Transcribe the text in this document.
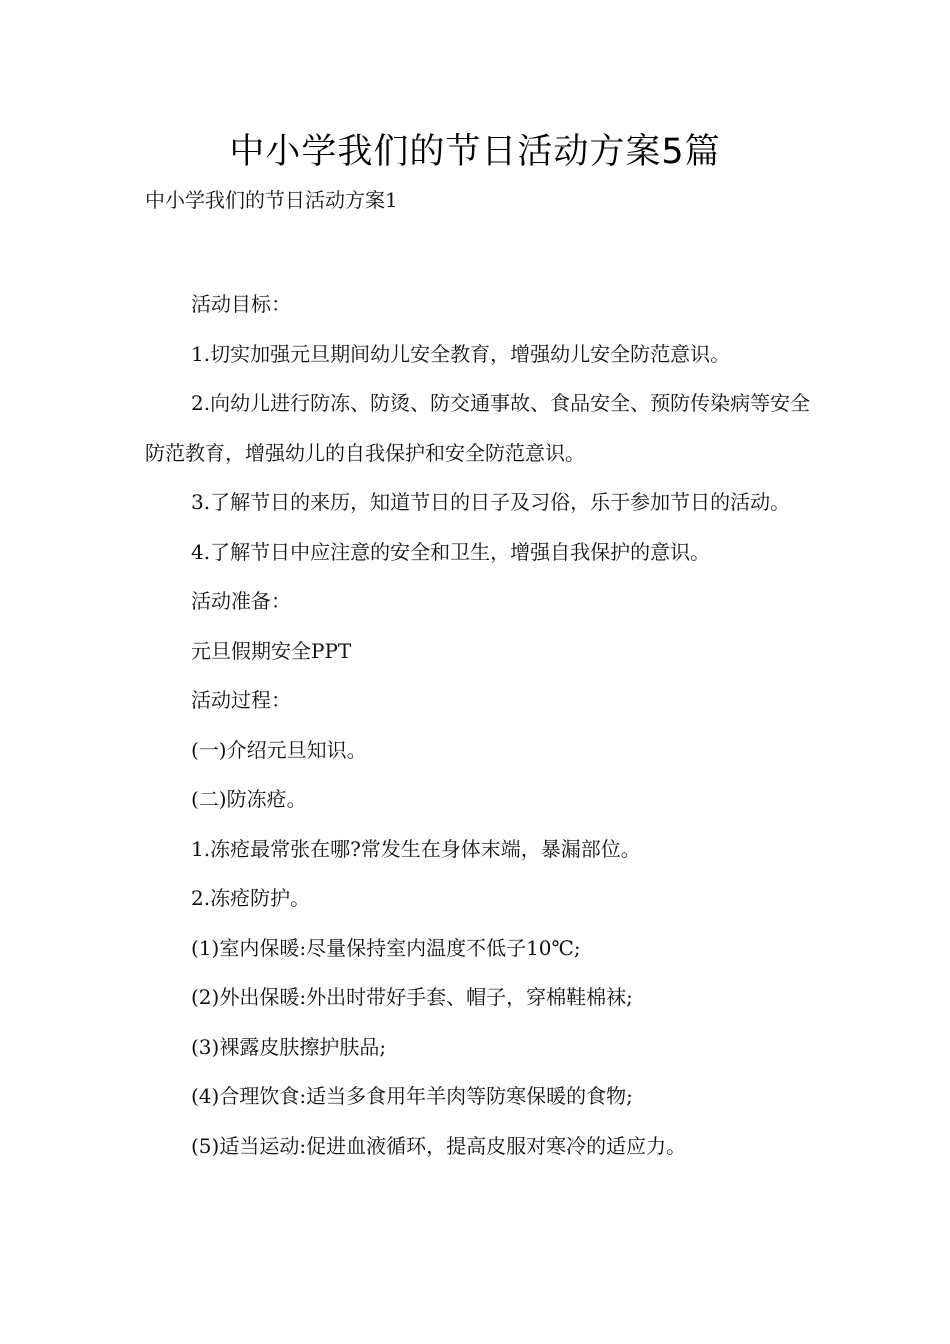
中小学我们的节日活动方案5篇
中小学我们的节日活动方案1

活动目标：

1.切实加强元旦期间幼儿安全教育，增强幼儿安全防范意识。

2.向幼儿进行防冻、防烫、防交通事故、食品安全、预防传染病等安全防范教育，增强幼儿的自我保护和安全防范意识。

3.了解节日的来历，知道节日的日子及习俗，乐于参加节日的活动。

4.了解节日中应注意的安全和卫生，增强自我保护的意识。

活动准备：

元旦假期安全PPT

活动过程：

(一)介绍元旦知识。

(二)防冻疮。

1.冻疮最常张在哪?常发生在身体末端，暴漏部位。

2.冻疮防护。

(1)室内保暖:尽量保持室内温度不低子10℃;

(2)外出保暖:外出时带好手套、帽子，穿棉鞋棉袜;

(3)裸露皮肤擦护肤品;

(4)合理饮食:适当多食用年羊肉等防寒保暖的食物;

(5)适当运动:促进血液循环，提高皮服对寒冷的适应力。
